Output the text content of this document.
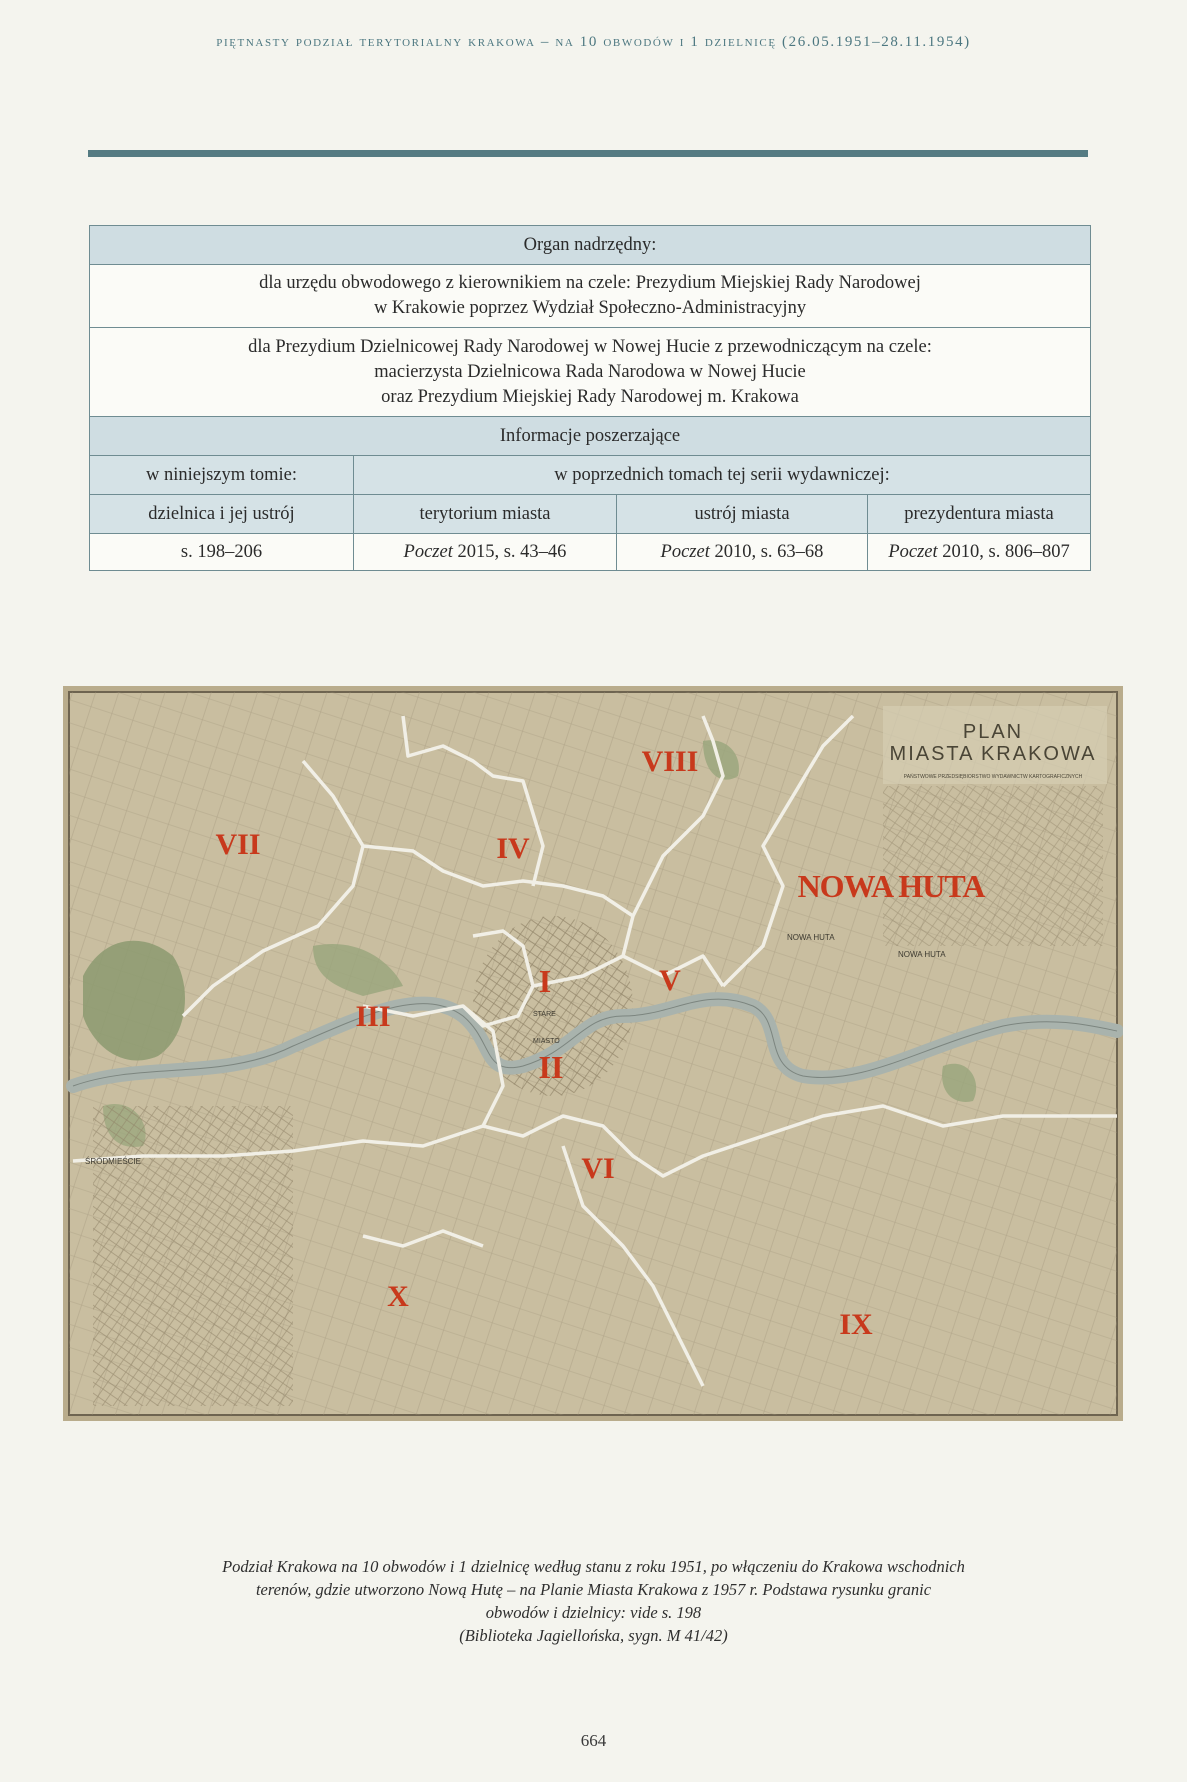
piętnasty podział terytorialny krakowa – na 10 obwodów i 1 dzielnicę (26.05.1951–28.11.1954)
Organ nadrzędny:			

dla urzędu obwodowego z kierownikiem na czele: Prezydium Miejskiej Rady Narodowej
w Krakowie poprzez Wydział Społeczno-Administracyjny			

dla Prezydium Dzielnicowej Rady Narodowej w Nowej Hucie z przewodniczącym na czele:
macierzysta Dzielnicowa Rada Narodowa w Nowej Hucie
oraz Prezydium Miejskiej Rady Narodowej m. Krakowa			

Informacje poszerzające			
w niniejszym tomie:	w poprzednich tomach tej serii wydawniczej:		
dzielnica i jej ustrój	terytorium miasta	ustrój miasta	prezydentura miasta
s. 198–206	Poczet 2015, s. 43–46	Poczet 2010, s. 63–68	Poczet 2010, s. 806–807
PLAN
MIASTA KRAKOWA
PAŃSTWOWE PRZEDSIĘBIORSTWO WYDAWNICTW KARTOGRAFICZNYCH
NOWA HUTA
NOWA HUTA
ŚRÓDMIEŚCIE
STARE
MIASTO
I
II
III
IV
V
VI
VII
VIII
IX
X
NOWA HUTA
Podział Krakowa na 10 obwodów i 1 dzielnicę według stanu z roku 1951, po włączeniu do Krakowa wschodnich
terenów, gdzie utworzono Nową Hutę – na Planie Miasta Krakowa z 1957 r. Podstawa rysunku granic
obwodów i dzielnicy: vide s. 198
(Biblioteka Jagiellońska, sygn. M 41/42)
664
